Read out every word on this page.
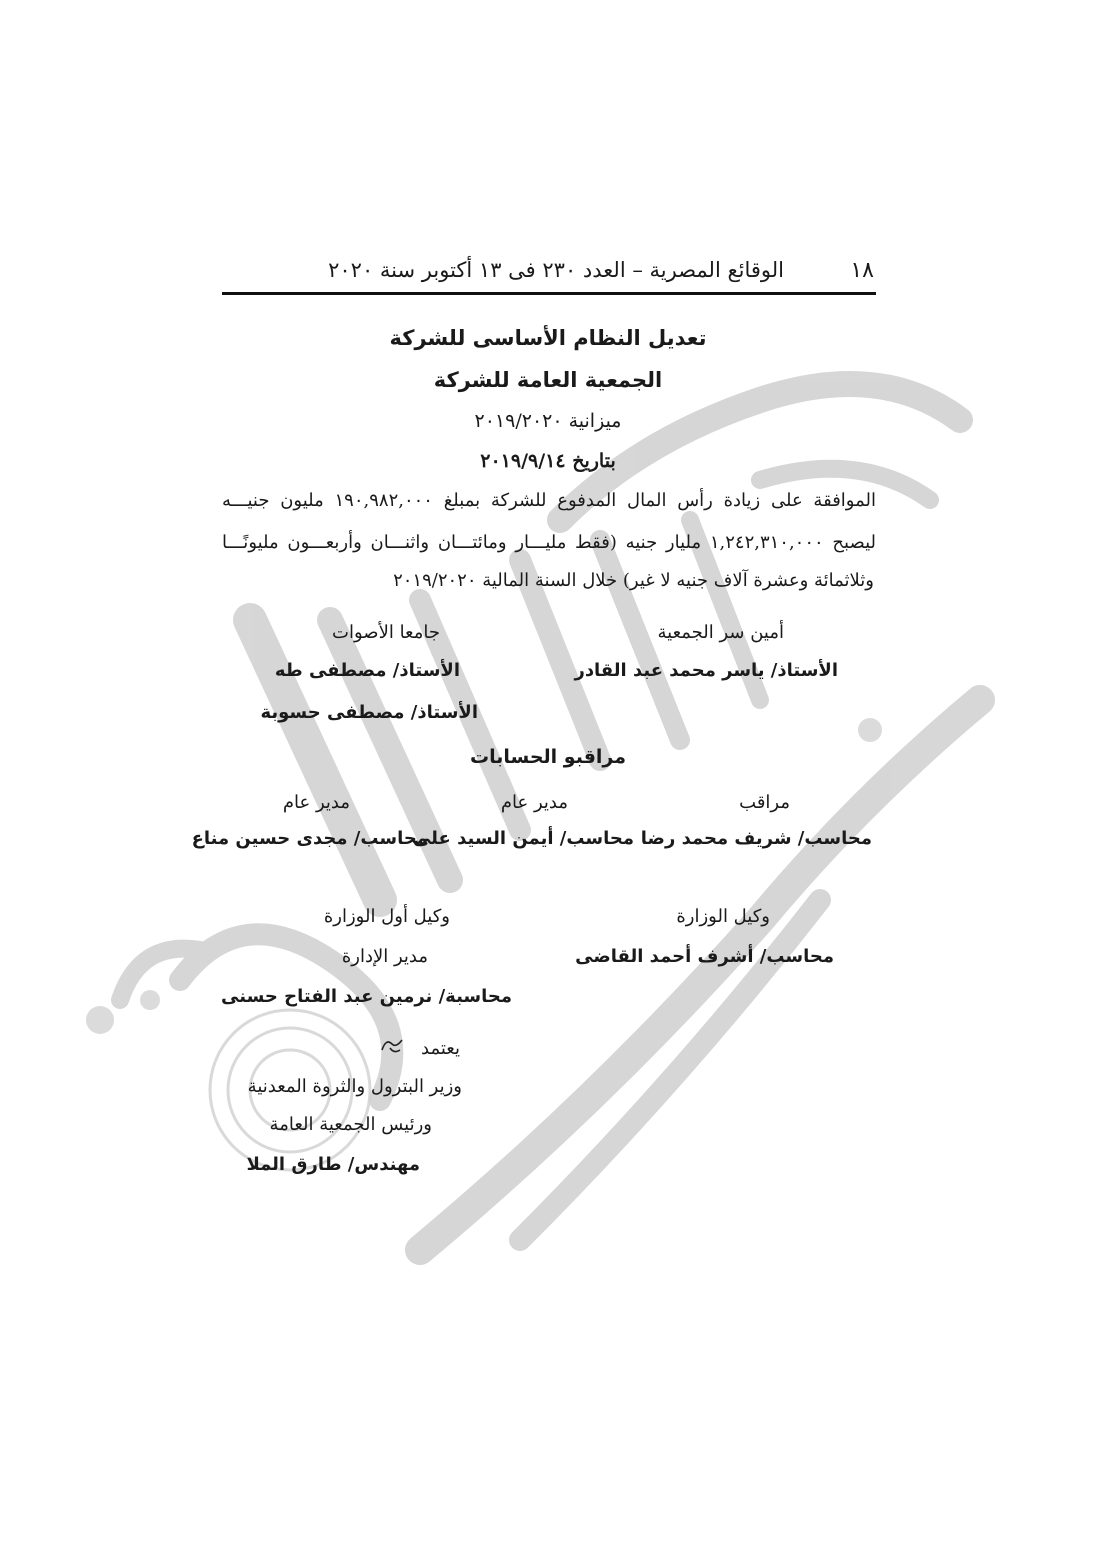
١٨
الوقائع المصرية – العدد ٢٣٠ فى ١٣ أكتوبر سنة ٢٠٢٠
تعديل النظام الأساسى للشركة
الجمعية العامة للشركة
ميزانية ٢٠١٩/٢٠٢٠
بتاريخ ٢٠١٩/٩/١٤
الموافقة على زيادة رأس المال المدفوع للشركة بمبلغ ١٩٠,٩٨٢,٠٠٠ مليون جنيـــه
ليصبح ١,٢٤٢,٣١٠,٠٠٠ مليار جنيه (فقط مليـــار ومائتـــان واثنـــان وأربعـــون مليونًـــا
وثلاثمائة وعشرة آلاف جنيه لا غير) خلال السنة المالية ٢٠١٩/٢٠٢٠
أمين سر الجمعية
جامعا الأصوات
الأستاذ/ ياسر محمد عبد القادر
الأستاذ/ مصطفى طه
الأستاذ/ مصطفى حسوبة
مراقبو الحسابات
مراقب
مدير عام
مدير عام
محاسب/ شريف محمد رضا
محاسب/ أيمن السيد على
محاسب/ مجدى حسين مناع
وكيل الوزارة
وكيل أول الوزارة
محاسب/ أشرف أحمد القاضى
مدير الإدارة
محاسبة/ نرمين عبد الفتاح حسنى
يعتمد
وزير البترول والثروة المعدنية
ورئيس الجمعية العامة
مهندس/ طارق الملا
